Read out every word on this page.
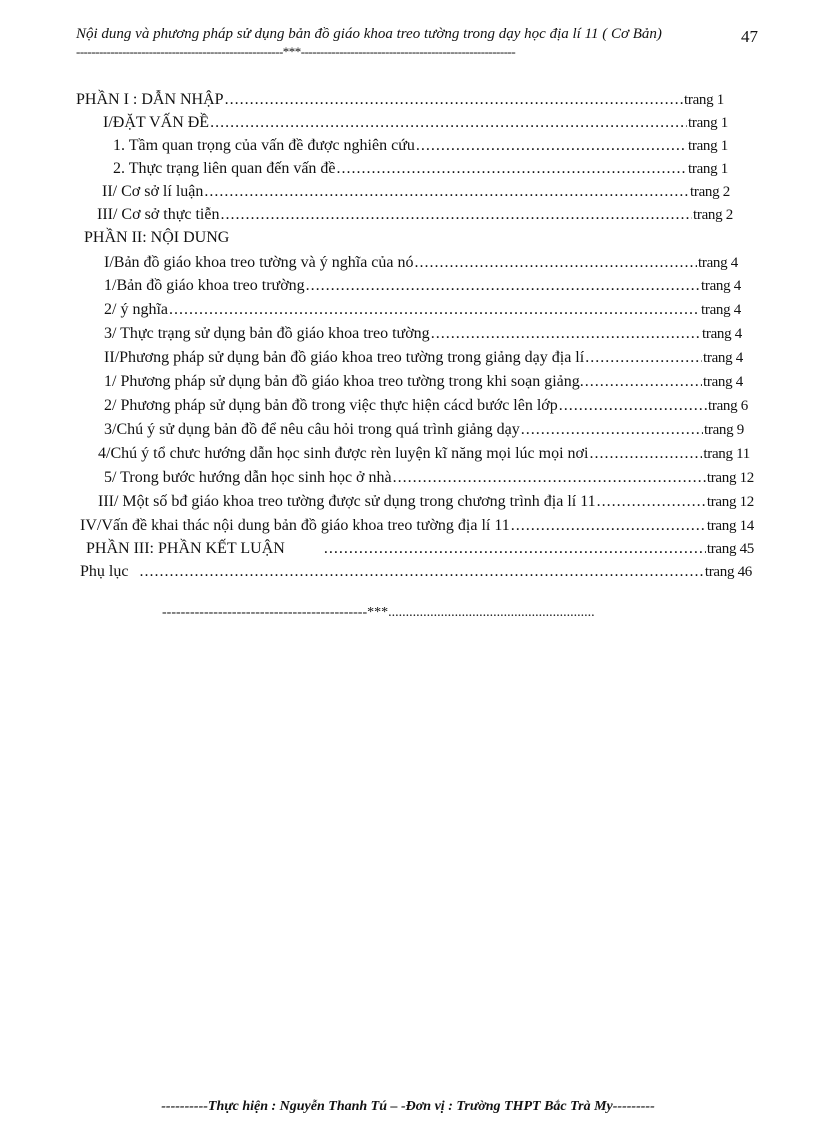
Nội dung và phương pháp sử dụng bản đồ giáo khoa treo tường trong dạy học địa lí 11 ( Cơ Bản)	47
------------------------------------------------------***--------------------------------------------------------
PHẦN I : DẪN NHẬP .....	trang 1
I/ĐẶT VẤN ĐỀ .....	trang 1
1. Tầm quan trọng của vấn đề được nghiên cứu .....	trang 1
2. Thực trạng liên quan đến vấn đề .....	trang 1
II/ Cơ sở lí luận .....	trang 2
III/ Cơ sở thực tiễn .....	trang 2
PHẦN II: NỘI DUNG
I/Bản đồ giáo khoa treo tường và ý nghĩa của nó .....	trang 4
1/Bản đồ giáo khoa treo trường .....	trang 4
2/ ý nghĩa .....	trang 4
3/ Thực trạng sử dụng bản đồ giáo khoa treo tường .....	trang 4
II/Phương pháp sử dụng bản đồ giáo khoa treo tường trong giảng dạy địa lí .....	trang 4
1/ Phương pháp sử dụng bản đồ giáo khoa treo tường trong khi soạn giảng. .....	trang 4
2/ Phương pháp sử dụng bản đồ trong việc thực hiện cácd bước lên lớp .....	trang 6
3/Chú ý sử dụng bản đồ để nêu câu hỏi trong quá trình giảng dạy .....	trang 9
4/Chú ý tổ chưc hướng dẫn học sinh được rèn luyện kĩ năng mọi lúc mọi nơi .....	trang 11
5/ Trong bước hướng dẫn học sinh học ở nhà .....	trang 12
III/ Một số bđ giáo khoa treo tường được sử dụng trong chương trình địa lí 11 .....	trang 12
IV/Vấn đề khai thác nội dung bản đồ giáo khoa treo tường địa lí 11 .....	trang 14
PHẦN III: PHẦN KẾT LUẬN .....	trang 45
Phụ lục .....	trang 46
--------------------------------------------***...........................................................
----------Thực hiện : Nguyễn Thanh Tú – -Đơn vị : Trường THPT Bắc Trà My---------
